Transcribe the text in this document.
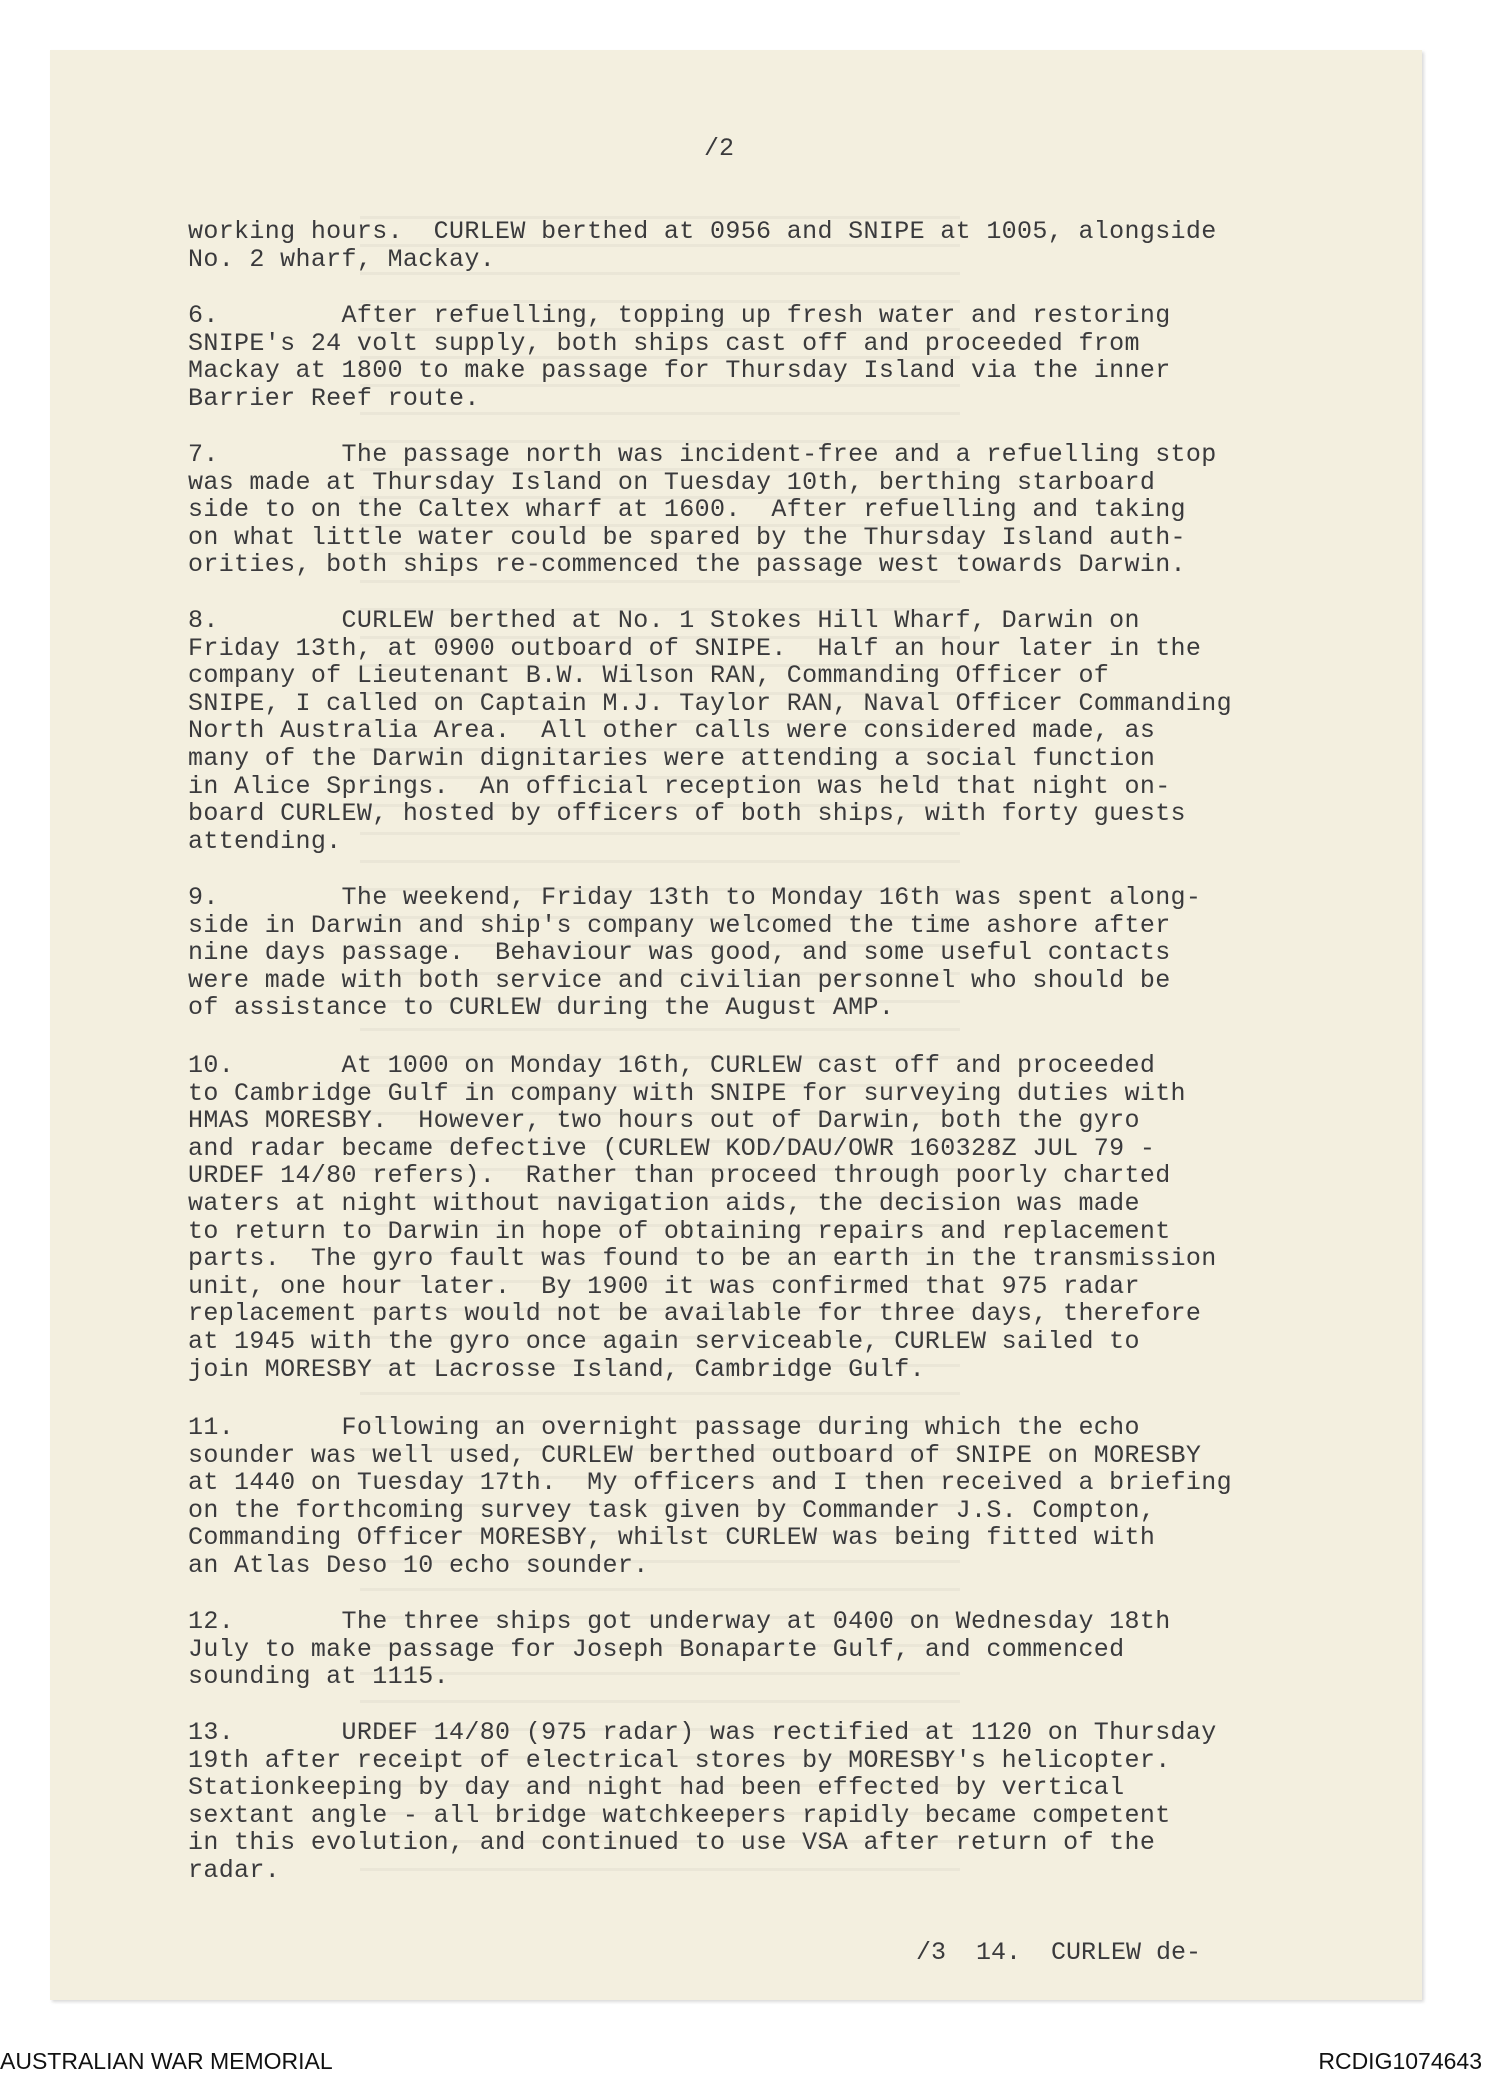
/2
working hours.  CURLEW berthed at 0956 and SNIPE at 1005, alongside
No. 2 wharf, Mackay.
6.        After refuelling, topping up fresh water and restoring
SNIPE's 24 volt supply, both ships cast off and proceeded from
Mackay at 1800 to make passage for Thursday Island via the inner
Barrier Reef route.
7.        The passage north was incident-free and a refuelling stop
was made at Thursday Island on Tuesday 10th, berthing starboard
side to on the Caltex wharf at 1600.  After refuelling and taking
on what little water could be spared by the Thursday Island auth-
orities, both ships re-commenced the passage west towards Darwin.
8.        CURLEW berthed at No. 1 Stokes Hill Wharf, Darwin on
Friday 13th, at 0900 outboard of SNIPE.  Half an hour later in the
company of Lieutenant B.W. Wilson RAN, Commanding Officer of
SNIPE, I called on Captain M.J. Taylor RAN, Naval Officer Commanding
North Australia Area.  All other calls were considered made, as
many of the Darwin dignitaries were attending a social function
in Alice Springs.  An official reception was held that night on-
board CURLEW, hosted by officers of both ships, with forty guests
attending.
9.        The weekend, Friday 13th to Monday 16th was spent along-
side in Darwin and ship's company welcomed the time ashore after
nine days passage.  Behaviour was good, and some useful contacts
were made with both service and civilian personnel who should be
of assistance to CURLEW during the August AMP.
10.       At 1000 on Monday 16th, CURLEW cast off and proceeded
to Cambridge Gulf in company with SNIPE for surveying duties with
HMAS MORESBY.  However, two hours out of Darwin, both the gyro
and radar became defective (CURLEW KOD/DAU/OWR 160328Z JUL 79 -
URDEF 14/80 refers).  Rather than proceed through poorly charted
waters at night without navigation aids, the decision was made
to return to Darwin in hope of obtaining repairs and replacement
parts.  The gyro fault was found to be an earth in the transmission
unit, one hour later.  By 1900 it was confirmed that 975 radar
replacement parts would not be available for three days, therefore
at 1945 with the gyro once again serviceable, CURLEW sailed to
join MORESBY at Lacrosse Island, Cambridge Gulf.
11.       Following an overnight passage during which the echo
sounder was well used, CURLEW berthed outboard of SNIPE on MORESBY
at 1440 on Tuesday 17th.  My officers and I then received a briefing
on the forthcoming survey task given by Commander J.S. Compton,
Commanding Officer MORESBY, whilst CURLEW was being fitted with
an Atlas Deso 10 echo sounder.
12.       The three ships got underway at 0400 on Wednesday 18th
July to make passage for Joseph Bonaparte Gulf, and commenced
sounding at 1115.
13.       URDEF 14/80 (975 radar) was rectified at 1120 on Thursday
19th after receipt of electrical stores by MORESBY's helicopter.
Stationkeeping by day and night had been effected by vertical
sextant angle - all bridge watchkeepers rapidly became competent
in this evolution, and continued to use VSA after return of the
radar.
/3  14.  CURLEW de-
AUSTRALIAN WAR MEMORIAL	RCDIG1074643
